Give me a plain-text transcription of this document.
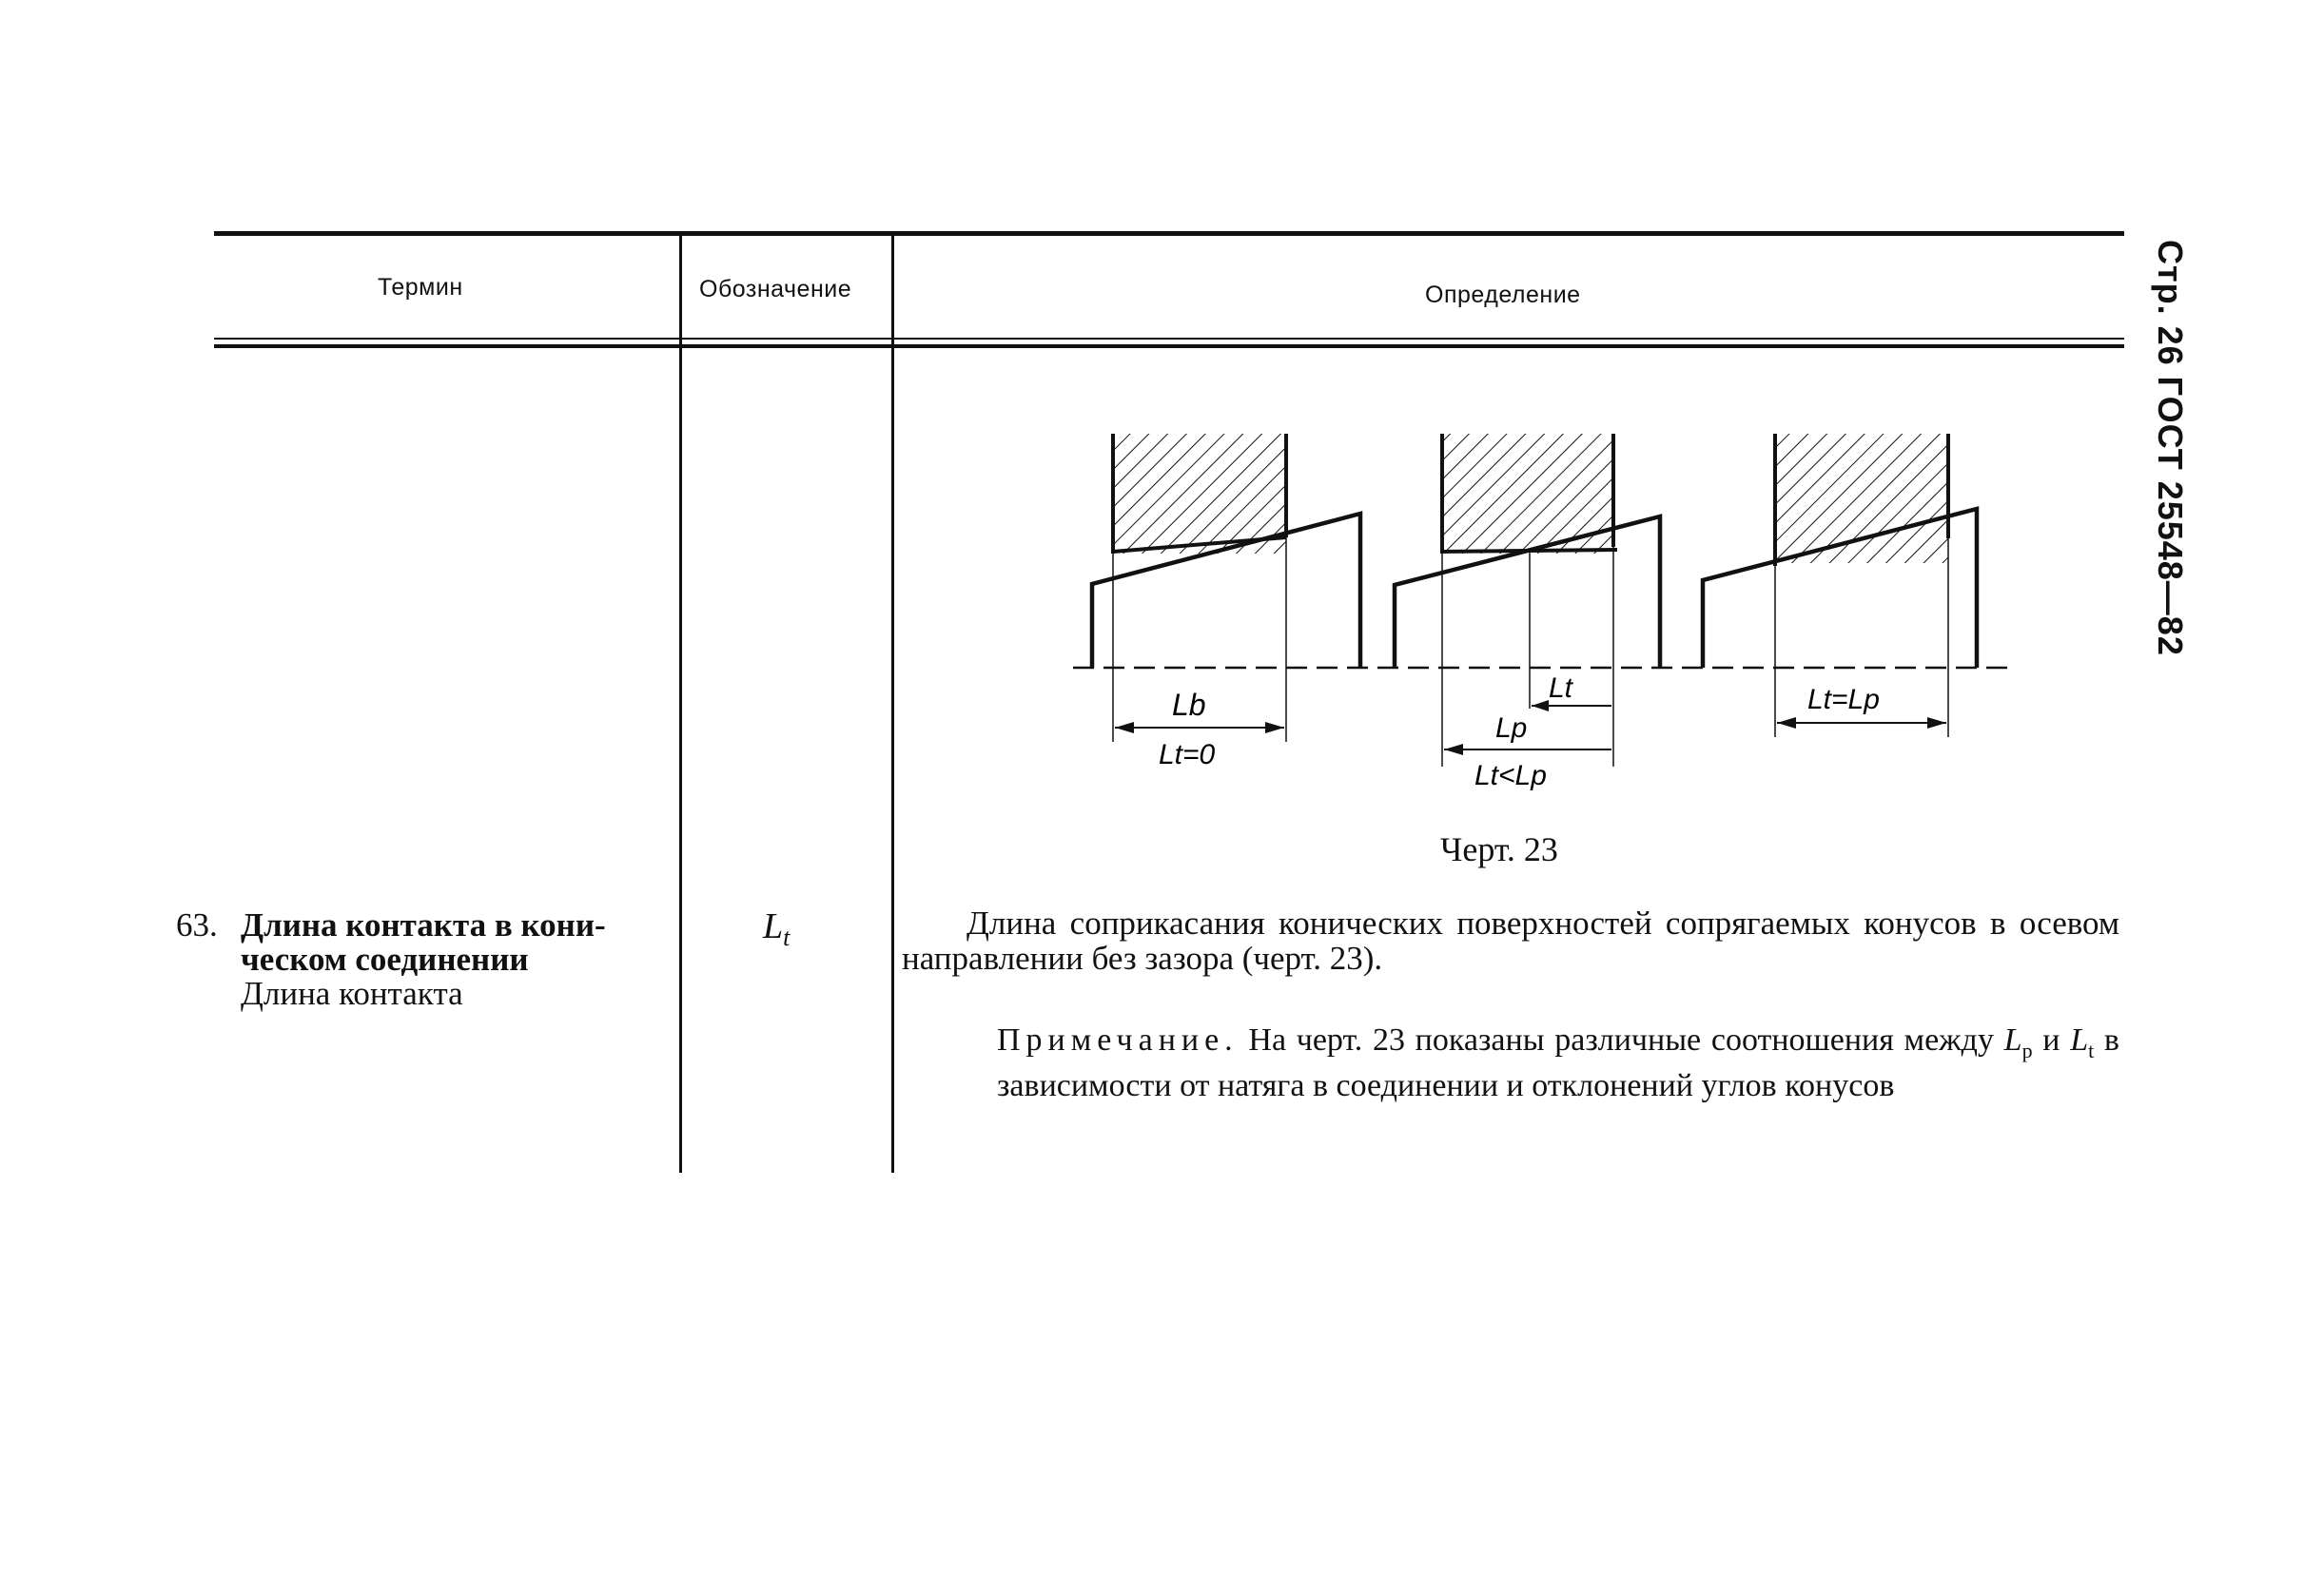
Стр. 26 ГОСТ 25548—82
Термин	Обозначение	Определение
Lb
Lt=0
Lt
Lp
Lt<Lp
Lt=Lp
Черт. 23
63. Длина контакта в кони-
ческом соединении
Длина контакта
$L_t$	Длина соприкасания конических поверхностей сопрягаемых конусов в осевом направлении без зазора (черт. 23).
Примечание. На черт. 23 показаны различные соотношения между $L_p$ и $L_t$ в зависимости от натяга в соединении и отклонений углов конусов
